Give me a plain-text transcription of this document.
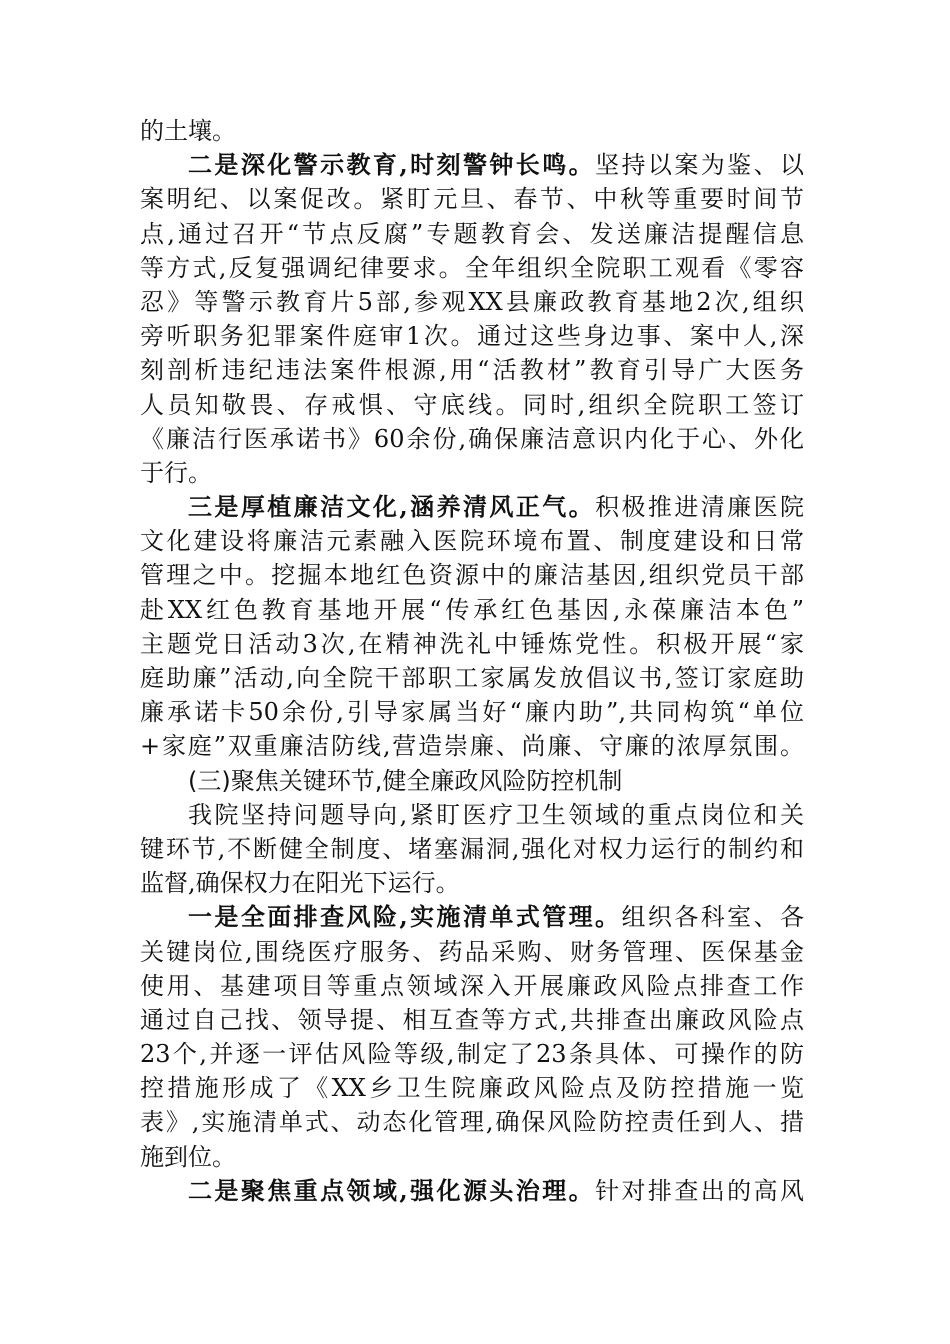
的土壤。
二是深化警示教育,时刻警钟长鸣。坚持以案为鉴、以
案明纪、以案促改。紧盯元旦、春节、中秋等重要时间节
点,通过召开“节点反腐”专题教育会、发送廉洁提醒信息
等方式,反复强调纪律要求。全年组织全院职工观看《零容
忍》等警示教育片5部,参观XX县廉政教育基地2次,组织
旁听职务犯罪案件庭审1次。通过这些身边事、案中人,深
刻剖析违纪违法案件根源,用“活教材”教育引导广大医务
人员知敬畏、存戒惧、守底线。同时,组织全院职工签订
《廉洁行医承诺书》60余份,确保廉洁意识内化于心、外化
于行。
三是厚植廉洁文化,涵养清风正气。积极推进清廉医院
文化建设将廉洁元素融入医院环境布置、制度建设和日常
管理之中。挖掘本地红色资源中的廉洁基因,组织党员干部
赴XX红色教育基地开展“传承红色基因,永葆廉洁本色”
主题党日活动3次,在精神洗礼中锤炼党性。积极开展“家
庭助廉”活动,向全院干部职工家属发放倡议书,签订家庭助
廉承诺卡50余份,引导家属当好“廉内助”,共同构筑“单位
+家庭”双重廉洁防线,营造崇廉、尚廉、守廉的浓厚氛围。
(三)聚焦关键环节,健全廉政风险防控机制
我院坚持问题导向,紧盯医疗卫生领域的重点岗位和关
键环节,不断健全制度、堵塞漏洞,强化对权力运行的制约和
监督,确保权力在阳光下运行。
一是全面排查风险,实施清单式管理。组织各科室、各
关键岗位,围绕医疗服务、药品采购、财务管理、医保基金
使用、基建项目等重点领域深入开展廉政风险点排查工作
通过自己找、领导提、相互查等方式,共排查出廉政风险点
23个,并逐一评估风险等级,制定了23条具体、可操作的防
控措施形成了《XX乡卫生院廉政风险点及防控措施一览
表》,实施清单式、动态化管理,确保风险防控责任到人、措
施到位。
二是聚焦重点领域,强化源头治理。针对排查出的高风
